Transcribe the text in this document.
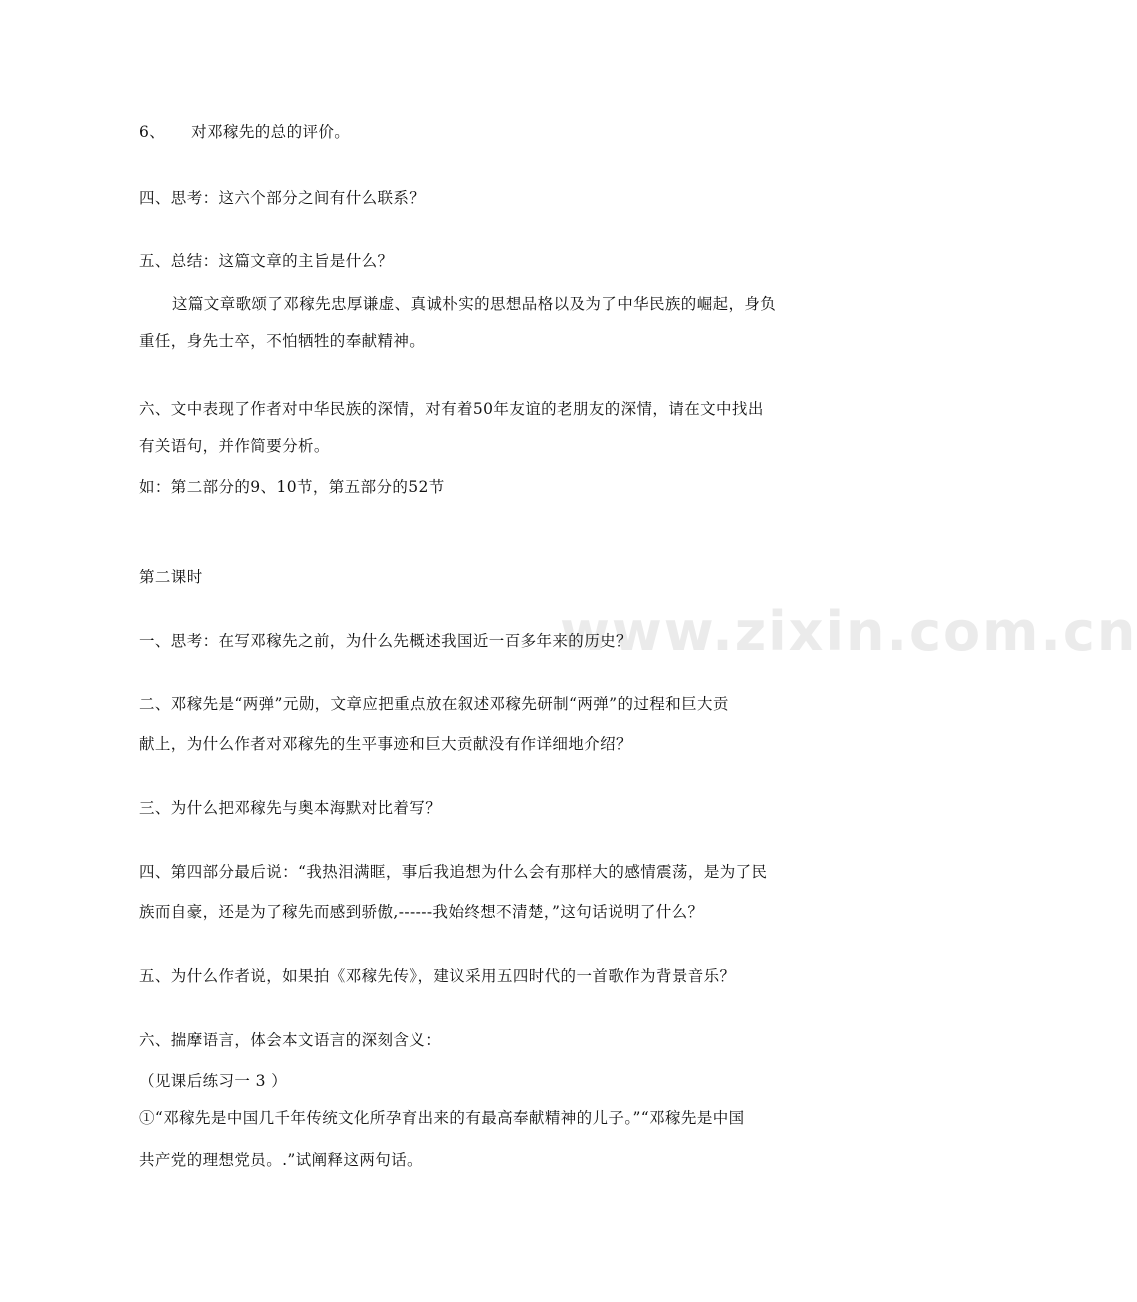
www.zixin.com.cn
6、 对邓稼先的总的评价。
四、思考：这六个部分之间有什么联系？
五、总结：这篇文章的主旨是什么？
这篇文章歌颂了邓稼先忠厚谦虚、真诚朴实的思想品格以及为了中华民族的崛起，身负
重任，身先士卒，不怕牺牲的奉献精神。
六、文中表现了作者对中华民族的深情，对有着50年友谊的老朋友的深情，请在文中找出
有关语句，并作简要分析。
如：第二部分的9、10节，第五部分的52节
第二课时
一、思考：在写邓稼先之前，为什么先概述我国近一百多年来的历史？
二、邓稼先是“两弹”元勋，文章应把重点放在叙述邓稼先研制“两弹”的过程和巨大贡
献上，为什么作者对邓稼先的生平事迹和巨大贡献没有作详细地介绍？
三、为什么把邓稼先与奥本海默对比着写？
四、第四部分最后说：“我热泪满眶，事后我追想为什么会有那样大的感情震荡，是为了民
族而自豪，还是为了稼先而感到骄傲,------我始终想不清楚，”这句话说明了什么？
五、为什么作者说，如果拍《邓稼先传》，建议采用五四时代的一首歌作为背景音乐？
六、揣摩语言，体会本文语言的深刻含义：
（见课后练习一 3 ）
①“邓稼先是中国几千年传统文化所孕育出来的有最高奉献精神的儿子。”“邓稼先是中国
共产党的理想党员。.”试阐释这两句话。
